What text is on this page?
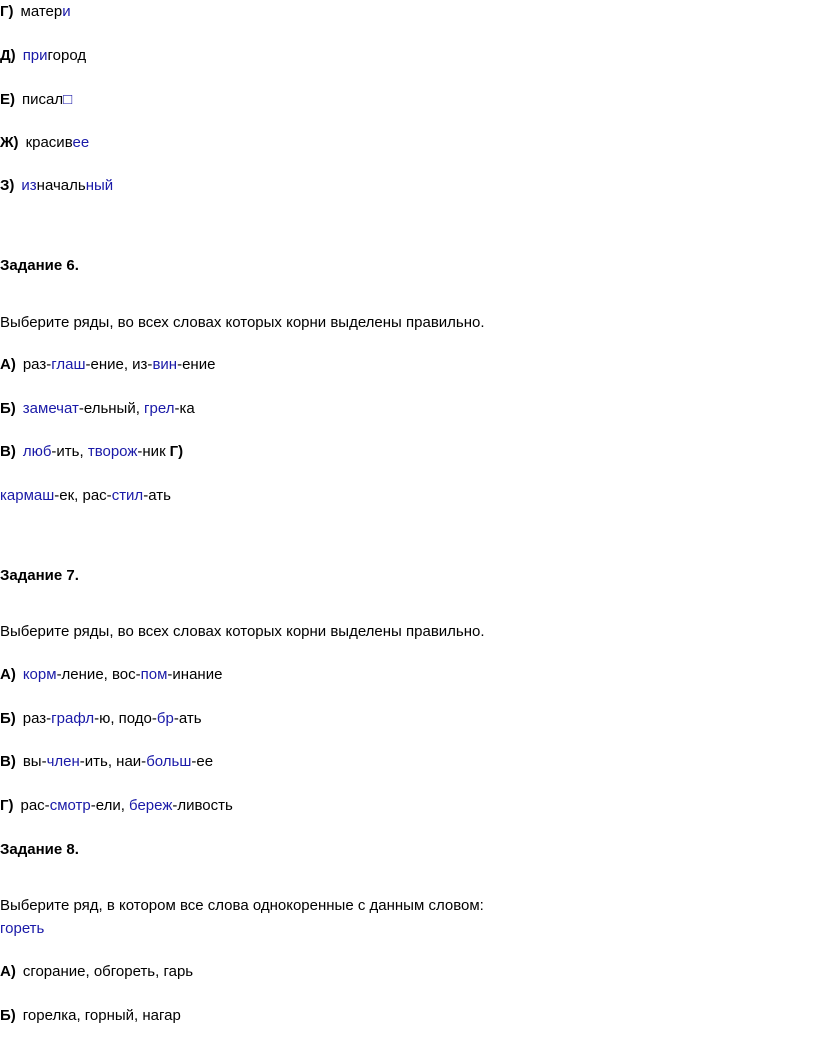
Г) матери
Д) пригород
Е) писал□
Ж) красивее
З) изначальный
Задание 6.
Выберите ряды, во всех словах которых корни выделены правильно.
А) раз-глаш-ение, из-вин-ение
Б) замечат-ельный, грел-ка
В) люб-ить, творож-ник Г)
кармаш-ек, рас-стил-ать
Задание 7.
Выберите ряды, во всех словах которых корни выделены правильно.
А) корм-ление, вос-пом-инание
Б) раз-графл-ю, подо-бр-ать
В) вы-член-ить, наи-больш-ее
Г) рас-смотр-ели, береж-ливость
Задание 8.
Выберите ряд, в котором все слова однокоренные с данным словом:
гореть
А) сгорание, обгореть, гарь
Б) горелка, горный, нагар
